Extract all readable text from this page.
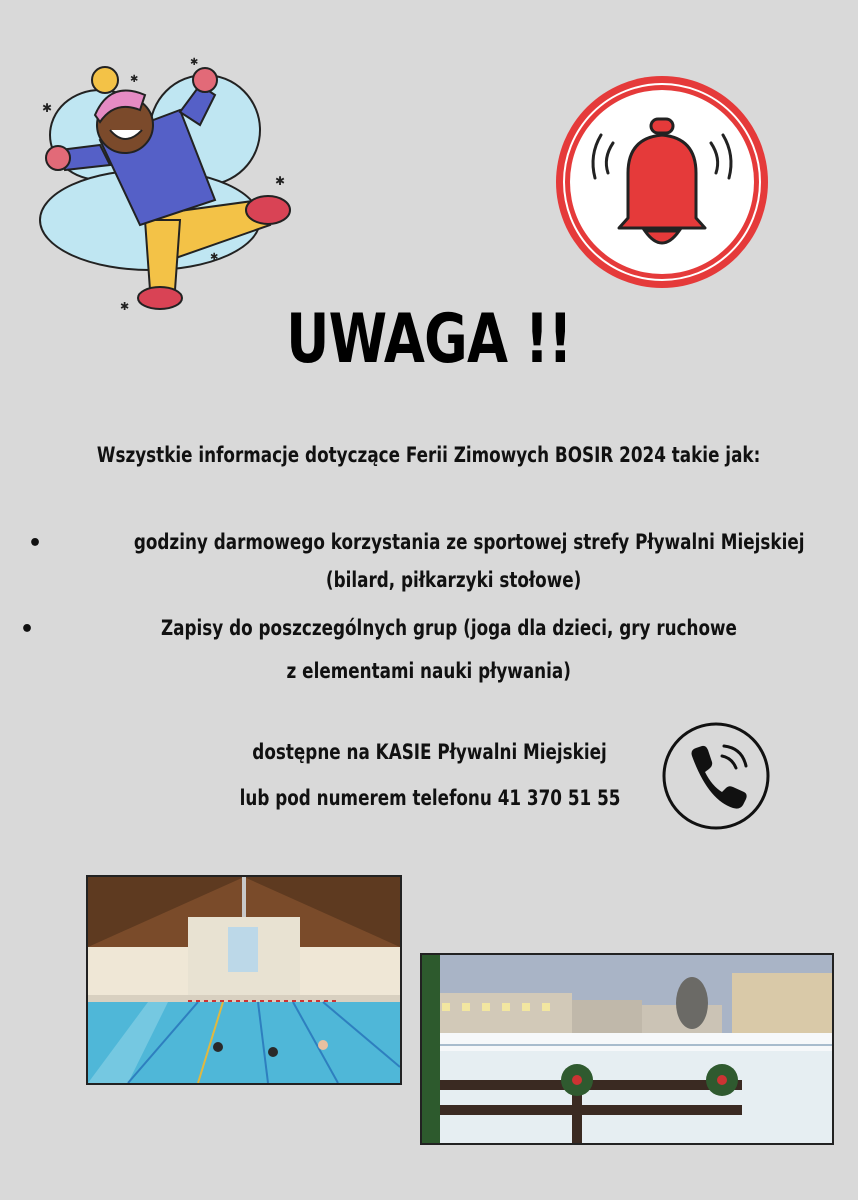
✱
✱
✱
✱
✱
✱
UWAGA !!
Wszystkie informacje dotyczące Ferii Zimowych BOSIR 2024 takie jak:
•	godziny darmowego korzystania ze sportowej strefy Pływalni Miejskiej
(bilard, piłkarzyki stołowe)
•	Zapisy do poszczególnych grup (joga dla dzieci, gry ruchowe
z elementami nauki pływania)
dostępne na KASIE Pływalni Miejskiej
lub pod numerem telefonu 41 370 51 55
